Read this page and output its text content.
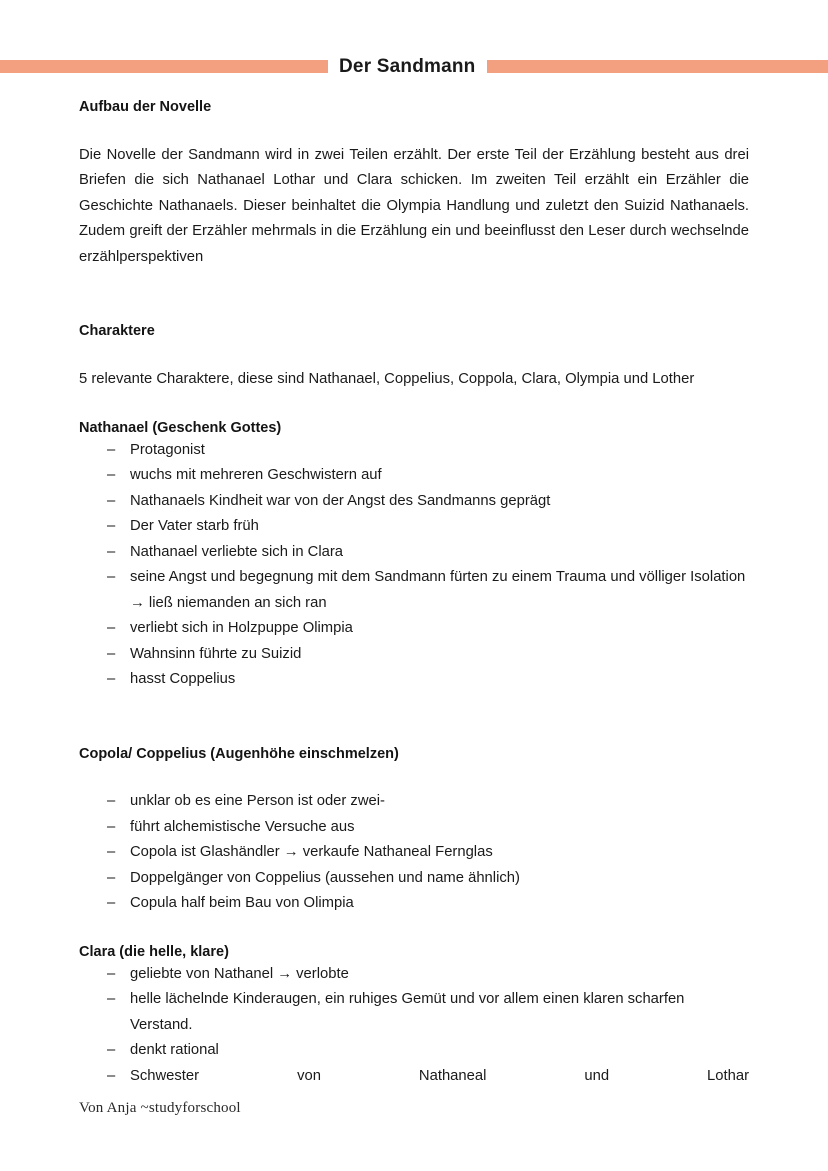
Der Sandmann
Aufbau der Novelle

Die Novelle der Sandmann wird in zwei Teilen erzählt. Der erste Teil der Erzählung besteht aus drei Briefen die sich Nathanael Lothar und Clara schicken. Im zweiten Teil erzählt ein Erzähler die Geschichte Nathanaels. Dieser beinhaltet die Olympia Handlung und zuletzt den Suizid Nathanaels. Zudem greift der Erzähler mehrmals in die Erzählung ein und beeinflusst den Leser durch wechselnde erzählperspektiven

Charaktere

5 relevante Charaktere, diese sind Nathanael, Coppelius, Coppola, Clara, Olympia und Lother

Nathanael (Geschenk Gottes)
– Protagonist
– wuchs mit mehreren Geschwistern auf
– Nathanaels Kindheit war von der Angst des Sandmanns geprägt
– Der Vater starb früh
– Nathanael verliebte sich in Clara
– seine Angst und begegnung mit dem Sandmann fürten zu einem Trauma und völliger Isolation → ließ niemanden an sich ran
– verliebt sich in Holzpuppe Olimpia
– Wahnsinn führte zu Suizid
– hasst Coppelius
Copola/ Coppelius (Augenhöhe einschmelzen)
– unklar ob es eine Person ist oder zwei-
– führt alchemistische Versuche aus
– Copola ist Glashändler → verkaufe Nathaneal Fernglas
– Doppelgänger von Coppelius (aussehen und name ähnlich)
– Copula half beim Bau von Olimpia
Clara (die helle, klare)
– geliebte von Nathanel → verlobte
– helle lächelnde Kinderaugen, ein ruhiges Gemüt und vor allem einen klaren scharfen Verstand.
– denkt rational
– Schwester von Nathaneal und Lothar
Von Anja ~studyforschool
